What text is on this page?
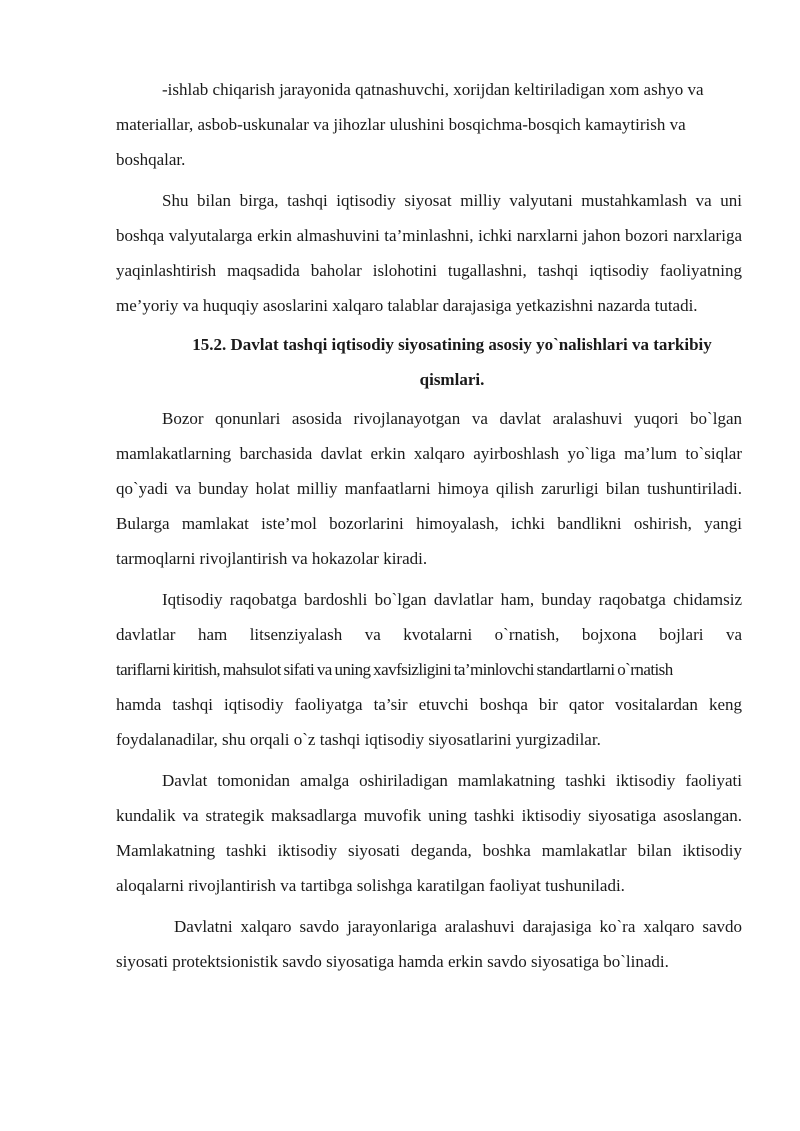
-ishlab chiqarish jarayonida qatnashuvchi, xorijdan keltiriladigan xom ashyo va materiallar, asbob-uskunalar va jihozlar ulushini bosqichma-bosqich kamaytirish va boshqalar.

Shu bilan birga, tashqi iqtisodiy siyosat milliy valyutani mustahkamlash va uni boshqa valyutalarga erkin almashuvini ta’minlashni, ichki narxlarni jahon bozori narxlariga yaqinlashtirish maqsadida baholar islohotini tugallashni, tashqi iqtisodiy faoliyatning me’yoriy va huquqiy asoslarini xalqaro talablar darajasiga yetkazishni nazarda tutadi.

15.2. Davlat tashqi iqtisodiy siyosatining asosiy yo`nalishlari va tarkibiy qismlari.

Bozor qonunlari asosida rivojlanayotgan va davlat aralashuvi yuqori bo`lgan mamlakatlarning barchasida davlat erkin xalqaro ayirboshlash yo`liga ma’lum to`siqlar qo`yadi va bunday holat milliy manfaatlarni himoya qilish zarurligi bilan tushuntiriladi. Bularga mamlakat iste’mol bozorlarini himoyalash, ichki bandlikni oshirish, yangi tarmoqlarni rivojlantirish va hokazolar kiradi.

Iqtisodiy raqobatga bardoshli bo`lgan davlatlar ham, bunday raqobatga chidamsiz davlatlar ham litsenziyalash va kvotalarni o`rnatish, bojxona bojlari va

tariflarni kiritish, mahsulot sifati va uning xavfsizligini ta’minlovchi standartlarni o`rnatish

hamda tashqi iqtisodiy faoliyatga ta’sir etuvchi boshqa bir qator vositalardan keng foydalanadilar, shu orqali o`z tashqi iqtisodiy siyosatlarini yurgizadilar.

Davlat tomonidan amalga oshiriladigan mamlakatning tashki iktisodiy faoliyati kundalik va strategik maksadlarga muvofik uning tashki iktisodiy siyosatiga asoslangan. Mamlakatning tashki iktisodiy siyosati deganda, boshka mamlakatlar bilan iktisodiy aloqalarni rivojlantirish va tartibga solishga karatilgan faoliyat tushuniladi.

Davlatni xalqaro savdo jarayonlariga aralashuvi darajasiga ko`ra xalqaro savdo siyosati protektsionistik savdo siyosatiga hamda erkin savdo siyosatiga bo`linadi.
